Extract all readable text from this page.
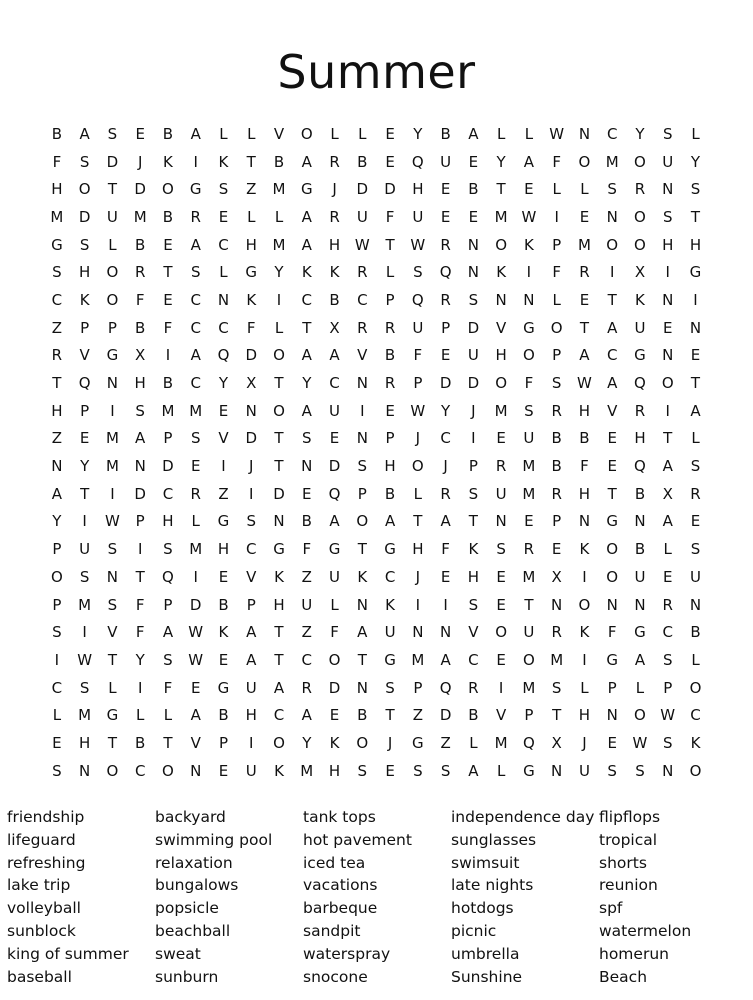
Summer
B	A	S	E	B	A	L	L	V	O	L	L	E	Y	B	A	L	L	W N	C	Y	S	L
F	S	D	J	K	I	K	T	B	A	R	B	E	Q	U	E	Y	A	F	O	M	O	U	Y
H	O	T	D	O	G	S	Z	M	G	J	D	D	H	E	B	T	E	L	L	S	R	N	S
M	D	U	M	B	R	E	L	L	A	R	U	F	U	E	E	M W	I	E	N	O	S	T
G	S	L	B	E	A	C	H	M	A	H W	T	W	R	N	O	K	P	M	O	O	H	H
S	H	O	R	T	S	L	G	Y	K	K	R	L	S	Q	N	K	I	F	R	I	X	I	G
C	K	O	F	E	C	N	K	I	C	B	C	P	Q	R	S	N	N	L	E	T	K	N	I
Z	P	P	B	F	C	C	F	L	T	X	R	R	U	P	D	V	G	O	T	A	U	E	N
R	V	G	X	I	A	Q	D	O	A	A	V	B	F	E	U	H	O	P	A	C	G	N	E
T	Q	N	H	B	C	Y	X	T	Y	C	N	R	P	D	D	O	F	S	W	A	Q	O	T
H	P	I	S	M M	E	N	O	A	U	I	E	W	Y	J	M	S	R	H	V	R	I	A
Z	E	M	A	P	S	V	D	T	S	E	N	P	J	C	I	E	U	B	B	E	H	T	L
N	Y	M	N	D	E	I	J	T	N	D	S	H	O	J	P	R	M	B	F	E	Q	A	S
A	T	I	D	C	R	Z	I	D	E	Q	P	B	L	R	S	U	M	R	H	T	B	X	R
Y	I	W	P	H	L	G	S	N	B	A	O	A	T	A	T	N	E	P	N	G	N	A	E
P	U	S	I	S	M	H	C	G	F	G	T	G	H	F	K	S	R	E	K	O	B	L	S
O	S	N	T	Q	I	E	V	K	Z	U	K	C	J	E	H	E	M	X	I	O	U	E	U
P	M	S	F	P	D	B	P	H	U	L	N	K	I	I	S	E	T	N	O	N	N	R	N
S	I	V	F	A	W	K	A	T	Z	F	A	U	N	N	V	O	U	R	K	F	G	C	B
I	W	T	Y	S	W	E	A	T	C	O	T	G	M	A	C	E	O	M	I	G	A	S	L
C	S	L	I	F	E	G	U	A	R	D	N	S	P	Q	R	I	M	S	L	P	L	P	O
L	M	G	L	L	A	B	H	C	A	E	B	T	Z	D	B	V	P	T	H	N	O W	C
E	H	T	B	T	V	P	I	O	Y	K	O	J	G	Z	L	M	Q	X	J	E	W	S	K
S	N	O	C	O	N	E	U	K	M	H	S	E	S	S	A	L	G	N	U	S	S	N	O
friendship
lifeguard
refreshing
lake trip
volleyball
sunblock
king of summer
baseball
backyard
swimming pool
relaxation
bungalows
popsicle
beachball
sweat
sunburn
tank tops
hot pavement
iced tea
vacations
barbeque
sandpit
waterspray
snocone
independence day
sunglasses
swimsuit
late nights
hotdogs
picnic
umbrella
Sunshine
flipflops
tropical
shorts
reunion
spf
watermelon
homerun
Beach
